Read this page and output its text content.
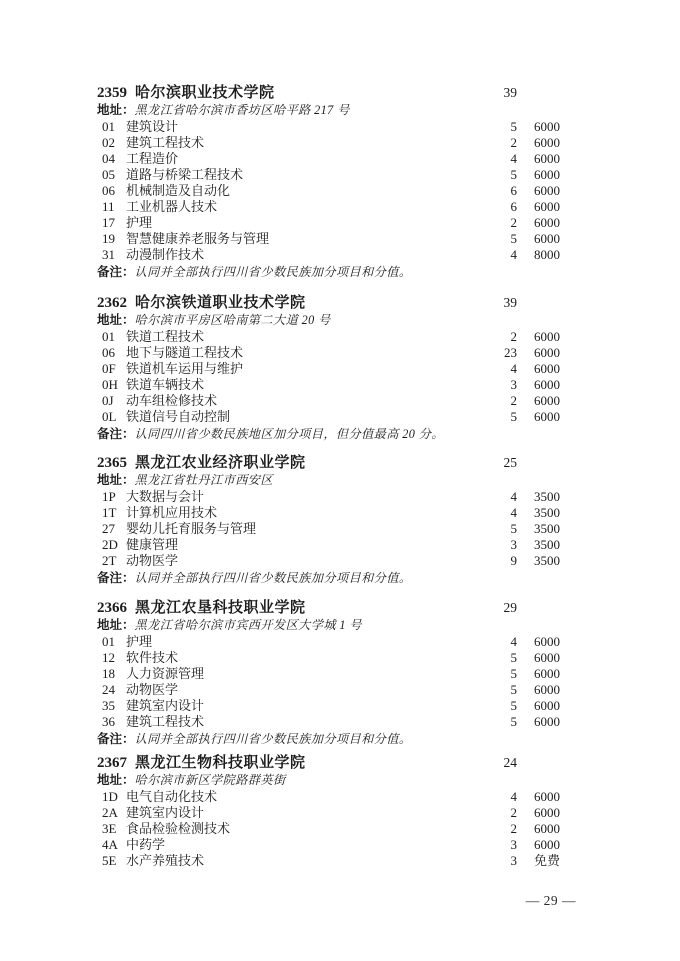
— 29 —
2359 哈尔滨职业技术学院	39
地址： 黑龙江省哈尔滨市香坊区哈平路 217 号
01 建筑设计	5	6000
02 建筑工程技术	2	6000
04 工程造价	4	6000
05 道路与桥梁工程技术	5	6000
06 机械制造及自动化	6	6000
11 工业机器人技术	6	6000
17 护理	2	6000
19 智慧健康养老服务与管理	5	6000
31 动漫制作技术	4	8000
备注： 认同并全部执行四川省少数民族加分项目和分值。
2362 哈尔滨铁道职业技术学院	39
地址： 哈尔滨市平房区哈南第二大道 20 号
01 铁道工程技术	2	6000
06 地下与隧道工程技术	23	6000
0F 铁道机车运用与维护	4	6000
0H 铁道车辆技术	3	6000
0J 动车组检修技术	2	6000
0L 铁道信号自动控制	5	6000
备注： 认同四川省少数民族地区加分项目，但分值最高 20 分。
2365 黑龙江农业经济职业学院	25
地址： 黑龙江省牡丹江市西安区
1P 大数据与会计	4	3500
1T 计算机应用技术	4	3500
27 婴幼儿托育服务与管理	5	3500
2D 健康管理	3	3500
2T 动物医学	9	3500
备注： 认同并全部执行四川省少数民族加分项目和分值。
2366 黑龙江农垦科技职业学院	29
地址： 黑龙江省哈尔滨市宾西开发区大学城 1 号
01 护理	4	6000
12 软件技术	5	6000
18 人力资源管理	5	6000
24 动物医学	5	6000
35 建筑室内设计	5	6000
36 建筑工程技术	5	6000
备注： 认同并全部执行四川省少数民族加分项目和分值。
2367 黑龙江生物科技职业学院	24
地址： 哈尔滨市新区学院路群英街
1D 电气自动化技术	4	6000
2A 建筑室内设计	2	6000
3E 食品检验检测技术	2	6000
4A 中药学	3	6000
5E 水产养殖技术	3	免费
